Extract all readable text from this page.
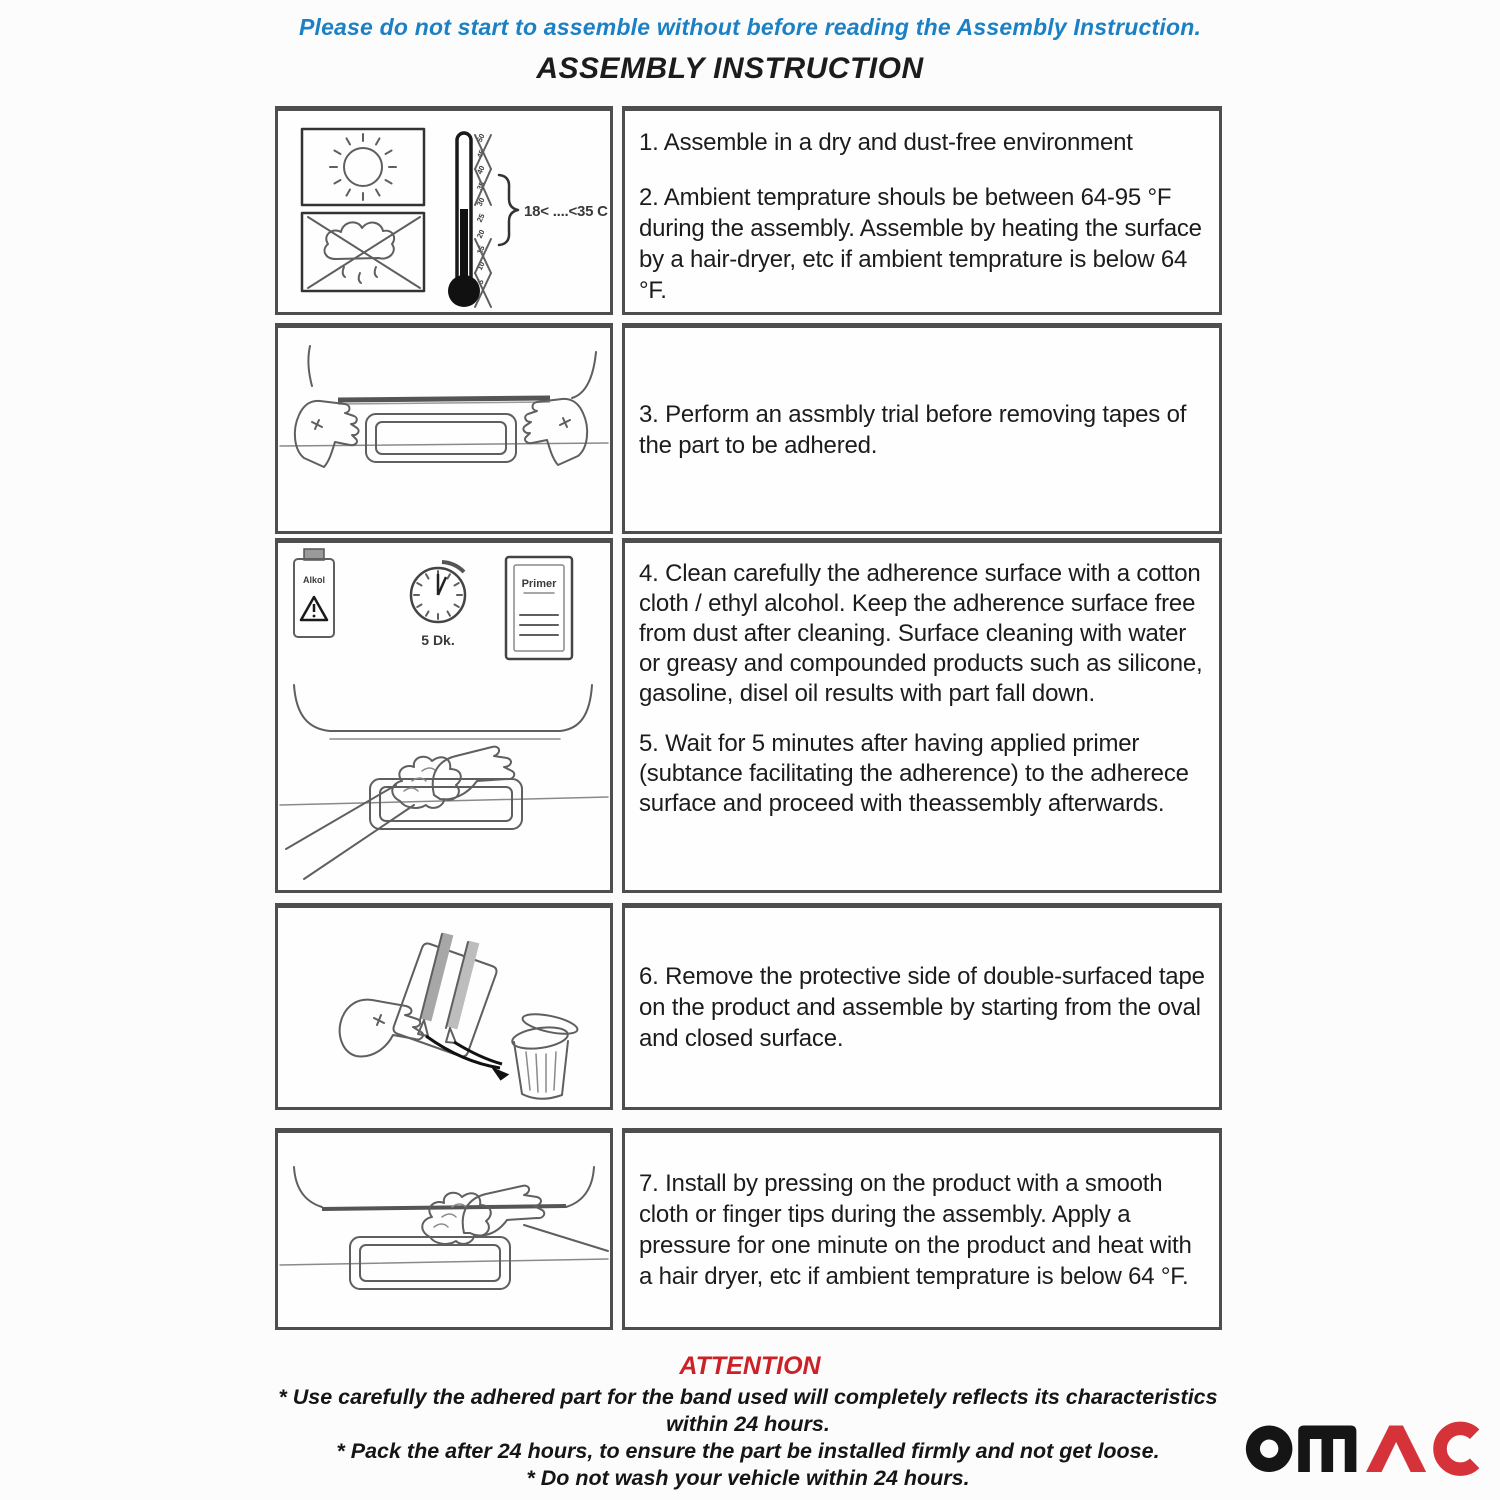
Please do not start to assemble without before reading the Assembly Instruction.
ASSEMBLY INSTRUCTION
50
45
40
35
30
25
20
15
10
5
18< ....<35 C

1. Assemble in a dry and dust-free environment

2. Ambient temprature shouls be between 64-95 °F during the assembly. Assemble by heating the surface by a hair-dryer, etc if ambient temprature is below 64 °F.

3. Perform an assmbly trial before removing tapes of the part to be adhered.

Alkol
5 Dk.
Primer	4. Clean carefully the adherence surface with a cotton cloth / ethyl alcohol. Keep the adherence surface free from dust after cleaning. Surface cleaning with water or greasy and compounded products such as silicone, gasoline, disel oil results with part fall down.

5. Wait for 5 minutes after having applied primer (subtance facilitating the adherence) to the adherece surface and proceed with theassembly afterwards.

6. Remove the protective side of double-surfaced tape on the product and assemble by starting from the oval and closed surface.

7. Install by pressing on the product with a smooth cloth or finger tips during the assembly. Apply a pressure for one minute on the product and heat with a hair dryer, etc if ambient temprature is below 64 °F.

ATTENTION

* Use carefully the adhered part for the band used will completely reflects its characteristics within 24 hours.

* Pack the after 24 hours, to ensure the part be installed firmly and not get loose.

* Do not wash your vehicle within 24 hours.
